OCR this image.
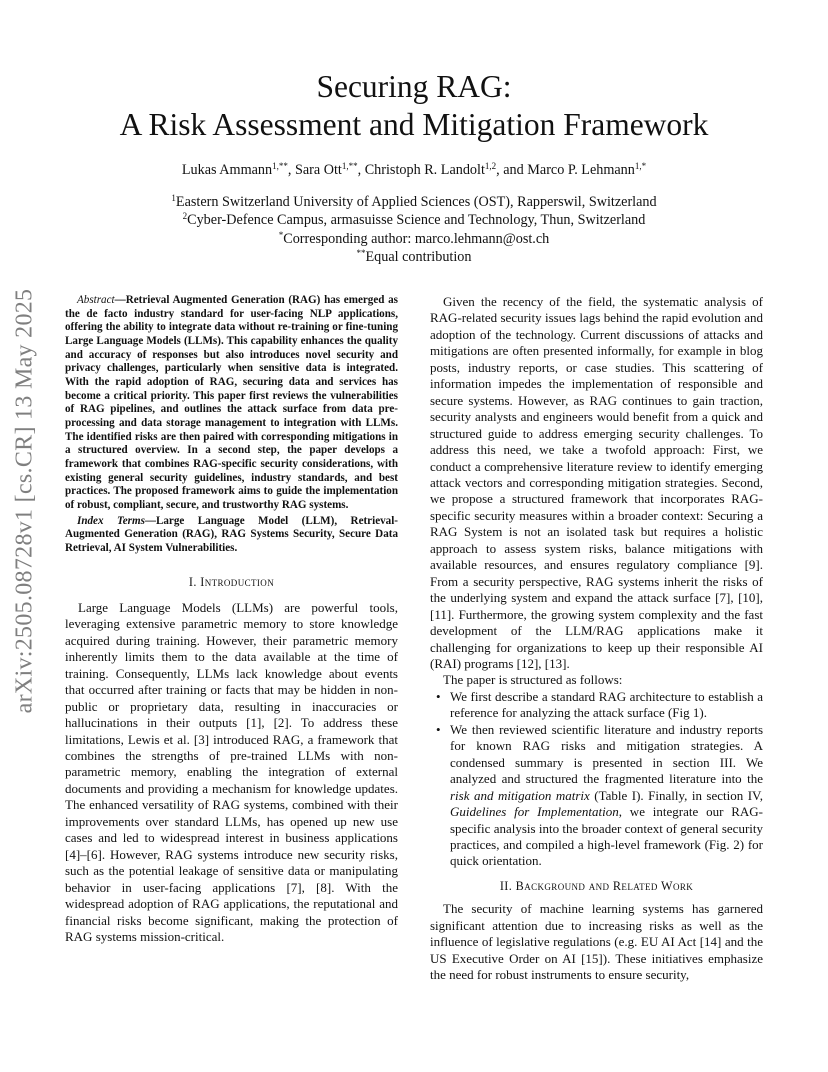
arXiv:2505.08728v1 [cs.CR] 13 May 2025
Securing RAG:
A Risk Assessment and Mitigation Framework
Lukas Ammann$^{1,**}$, Sara Ott$^{1,**}$, Christoph R. Landolt$^{1,2}$, and Marco P. Lehmann$^{1,*}$
$^1$Eastern Switzerland University of Applied Sciences (OST), Rapperswil, Switzerland
$^2$Cyber-Defence Campus, armasuisse Science and Technology, Thun, Switzerland
*Corresponding author: marco.lehmann@ost.ch
**Equal contribution

Abstract—Retrieval Augmented Generation (RAG) has emerged as the de facto industry standard for user-facing NLP applications, offering the ability to integrate data without re-training or fine-tuning Large Language Models (LLMs). This capability enhances the quality and accuracy of responses but also introduces novel security and privacy challenges, particularly when sensitive data is integrated. With the rapid adoption of RAG, securing data and services has become a critical priority. This paper first reviews the vulnerabilities of RAG pipelines, and outlines the attack surface from data pre-processing and data storage management to integration with LLMs. The identified risks are then paired with corresponding mitigations in a structured overview. In a second step, the paper develops a framework that combines RAG-specific security considerations, with existing general security guidelines, industry standards, and best practices. The proposed framework aims to guide the implementation of robust, compliant, secure, and trustworthy RAG systems.

Index Terms—Large Language Model (LLM), Retrieval-Augmented Generation (RAG), RAG Systems Security, Secure Data Retrieval, AI System Vulnerabilities.

I. Introduction

Large Language Models (LLMs) are powerful tools, leveraging extensive parametric memory to store knowledge acquired during training. However, their parametric memory inherently limits them to the data available at the time of training. Consequently, LLMs lack knowledge about events that occurred after training or facts that may be hidden in non-public or proprietary data, resulting in inaccuracies or hallucinations in their outputs [1], [2]. To address these limitations, Lewis et al. [3] introduced RAG, a framework that combines the strengths of pre-trained LLMs with non-parametric memory, enabling the integration of external documents and providing a mechanism for knowledge updates. The enhanced versatility of RAG systems, combined with their improvements over standard LLMs, has opened up new use cases and led to widespread interest in business applications [4]–[6]. However, RAG systems introduce new security risks, such as the potential leakage of sensitive data or manipulating behavior in user-facing applications [7], [8]. With the widespread adoption of RAG applications, the reputational and financial risks become significant, making the protection of RAG systems mission-critical.

Given the recency of the field, the systematic analysis of RAG-related security issues lags behind the rapid evolution and adoption of the technology. Current discussions of attacks and mitigations are often presented informally, for example in blog posts, industry reports, or case studies. This scattering of information impedes the implementation of responsible and secure systems. However, as RAG continues to gain traction, security analysts and engineers would benefit from a quick and structured guide to address emerging security challenges. To address this need, we take a twofold approach: First, we conduct a comprehensive literature review to identify emerging attack vectors and corresponding mitigation strategies. Second, we propose a structured framework that incorporates RAG-specific security measures within a broader context: Securing a RAG System is not an isolated task but requires a holistic approach to assess system risks, balance mitigations with available resources, and ensures regulatory compliance [9]. From a security perspective, RAG systems inherit the risks of the underlying system and expand the attack surface [7], [10], [11]. Furthermore, the growing system complexity and the fast development of the LLM/RAG applications make it challenging for organizations to keep up their responsible AI (RAI) programs [12], [13].

The paper is structured as follows:

• We first describe a standard RAG architecture to establish a reference for analyzing the attack surface (Fig 1).
• We then reviewed scientific literature and industry reports for known RAG risks and mitigation strategies. A condensed summary is presented in section III. We analyzed and structured the fragmented literature into the risk and mitigation matrix (Table I). Finally, in section IV, Guidelines for Implementation, we integrate our RAG-specific analysis into the broader context of general security practices, and compiled a high-level framework (Fig. 2) for quick orientation.

II. Background and Related Work

The security of machine learning systems has garnered significant attention due to increasing risks as well as the influence of legislative regulations (e.g. EU AI Act [14] and the US Executive Order on AI [15]). These initiatives emphasize the need for robust instruments to ensure security,
